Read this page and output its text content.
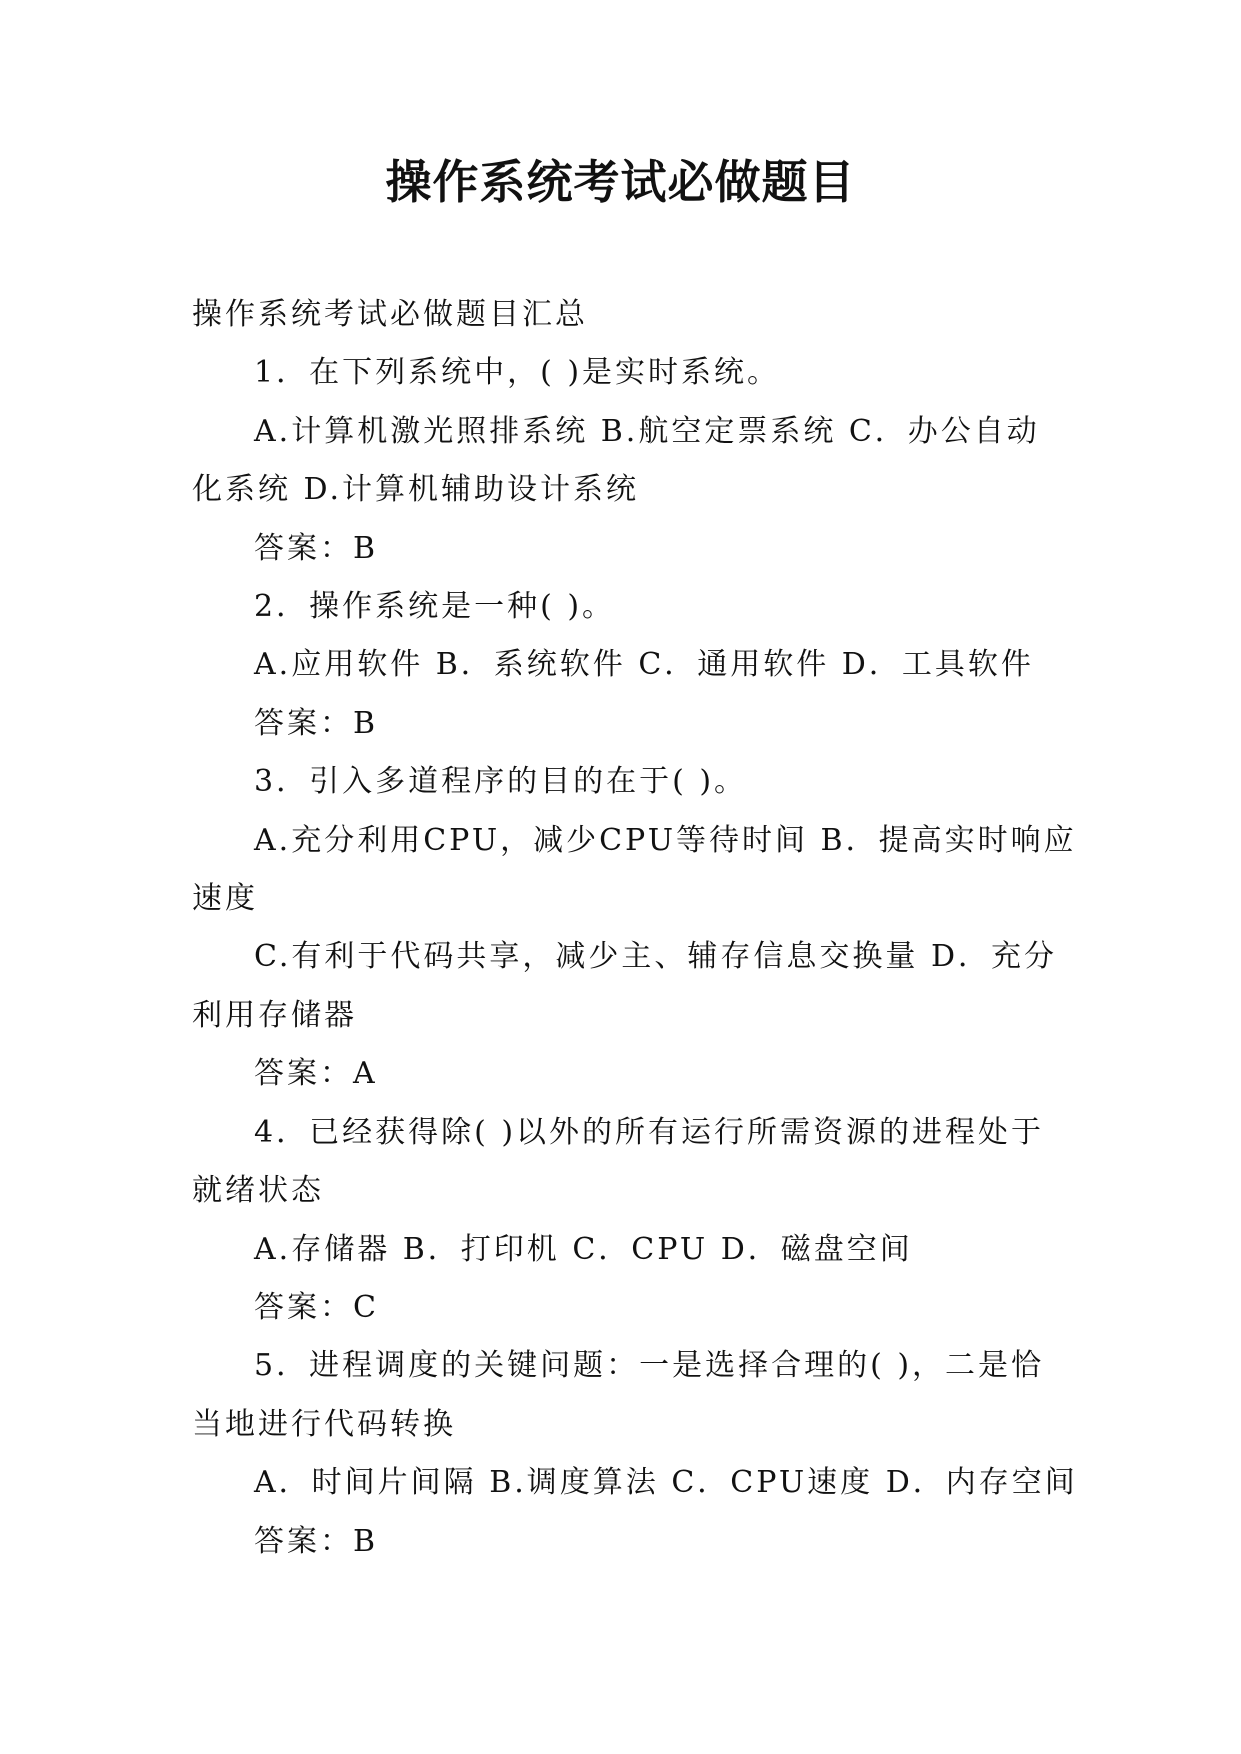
操作系统考试必做题目

操作系统考试必做题目汇总

1．在下列系统中，( )是实时系统。

A.计算机激光照排系统 B.航空定票系统 C．办公自动

化系统 D.计算机辅助设计系统

答案：B

2．操作系统是一种( )。

A.应用软件 B．系统软件 C．通用软件 D．工具软件

答案：B

3．引入多道程序的目的在于( )。

A.充分利用CPU，减少CPU等待时间 B．提高实时响应

速度

C.有利于代码共享，减少主、辅存信息交换量 D．充分

利用存储器

答案：A

4．已经获得除( )以外的所有运行所需资源的进程处于

就绪状态

A.存储器 B．打印机 C．CPU D．磁盘空间

答案：C

5．进程调度的关键问题：一是选择合理的( )，二是恰

当地进行代码转换

A．时间片间隔 B.调度算法 C．CPU速度 D．内存空间

答案：B
